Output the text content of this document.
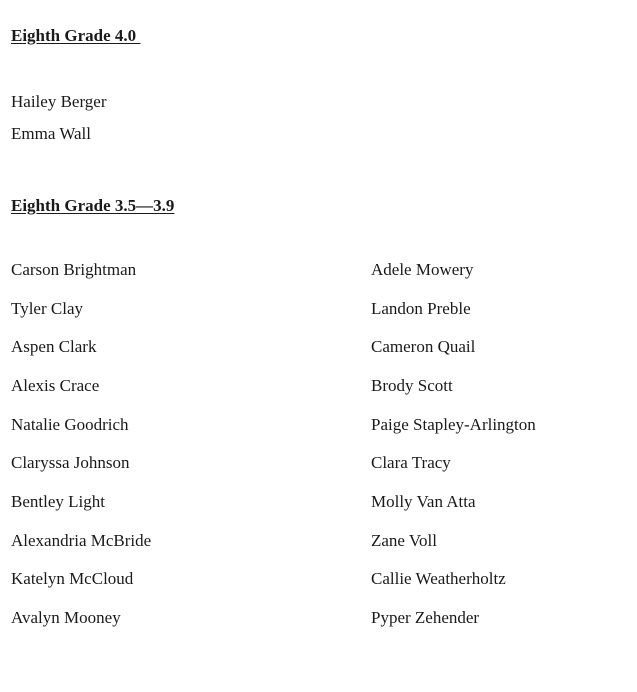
Eighth Grade 4.0
Hailey Berger
Emma Wall
Eighth Grade 3.5—3.9
Carson Brightman
Tyler Clay
Aspen Clark
Alexis Crace
Natalie Goodrich
Claryssa Johnson
Bentley Light
Alexandria McBride
Katelyn McCloud
Avalyn Mooney
Adele Mowery
Landon Preble
Cameron Quail
Brody Scott
Paige Stapley-Arlington
Clara Tracy
Molly Van Atta
Zane Voll
Callie Weatherholtz
Pyper Zehender
